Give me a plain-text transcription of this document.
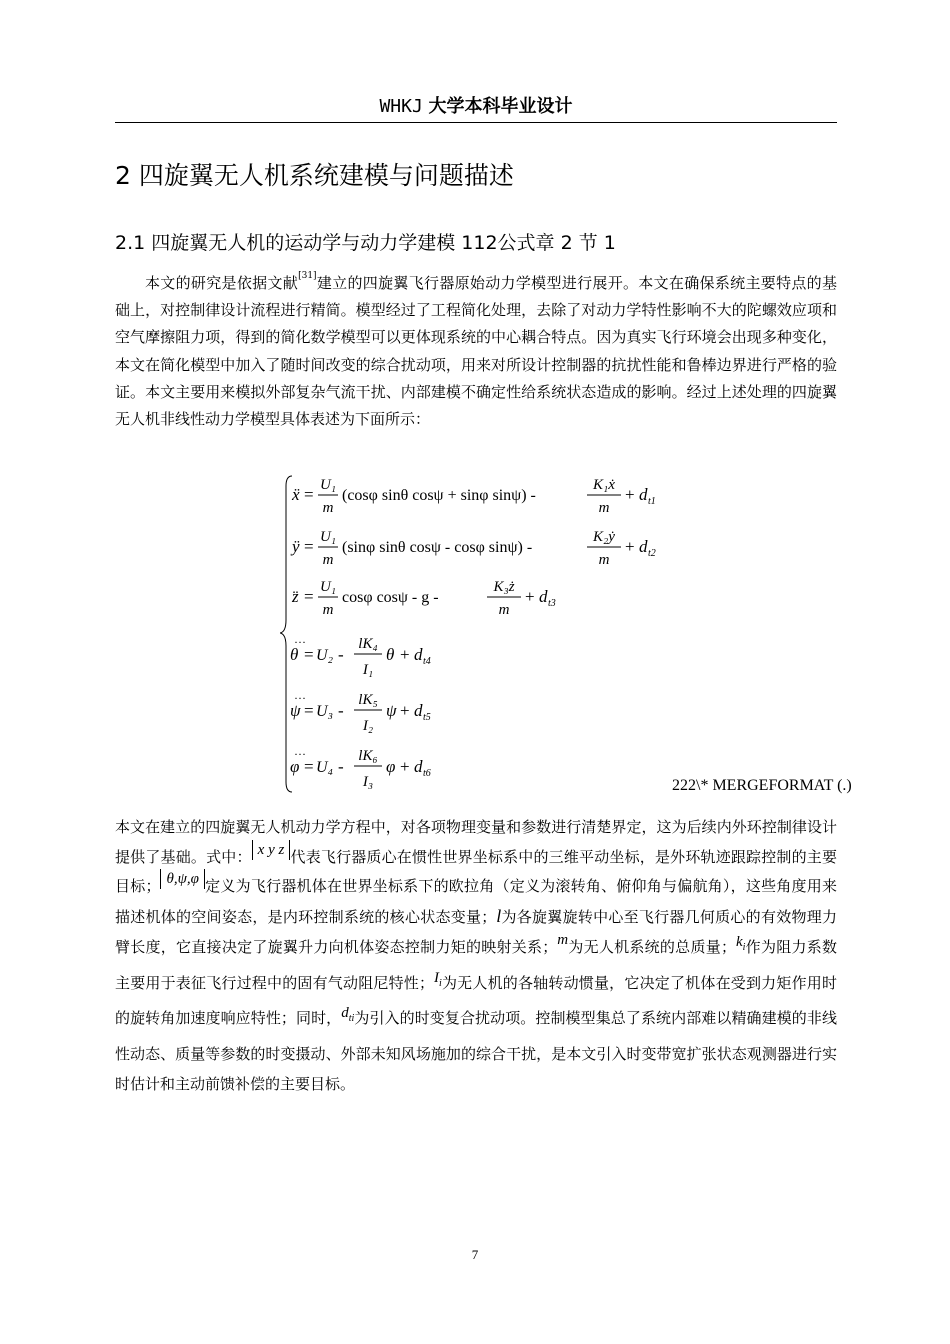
WHKJ 大学本科毕业设计
2 四旋翼无人机系统建模与问题描述
2.1 四旋翼无人机的运动学与动力学建模 112公式章 2 节 1
本文的研究是依据文献[31]建立的四旋翼飞行器原始动力学模型进行展开。本文在确保系统主要特点的基础上，对控制律设计流程进行精简。模型经过了工程简化处理，去除了对动力学特性影响不大的陀螺效应项和空气摩擦阻力项，得到的简化数学模型可以更体现系统的中心耦合特点。因为真实飞行环境会出现多种变化，本文在简化模型中加入了随时间改变的综合扰动项，用来对所设计控制器的抗扰性能和鲁棒边界进行严格的验证。本文主要用来模拟外部复杂气流干扰、内部建模不确定性给系统状态造成的影响。经过上述处理的四旋翼无人机非线性动力学模型具体表述为下面所示：
ẍ = U₁
m
(cosφ sinθ cosψ + sinφ sinψ) -
K₁ẋ
m
+ d t1
ÿ = U₁
m
(sinφ sinθ cosψ - cosφ sinψ) -
K₂ẏ
m
+ d t2
z̈ = U₁
m
cosφ cosψ - g -
K₃ż
m
+ d t3
θ
···
= U₂ -
lK₄
I₁
θ + d t4
ψ
···
= U₃ -
lK₅
I₂
ψ + d t5
φ
···
= U₄ -
lK₆
I₃
φ + d t6
222\* MERGEFORMAT (.)
本文在建立的四旋翼无人机动力学方程中，对各项物理变量和参数进行清楚界定，这为后续内外环控制律设计提供了基础。式中： x y z 代表飞行器质心在惯性世界坐标系中的三维平动坐标，是外环轨迹跟踪控制的主要目标； θ,ψ,φ 定义为飞行器机体在世界坐标系下的欧拉角（定义为滚转角、俯仰角与偏航角），这些角度用来描述机体的空间姿态，是内环控制系统的核心状态变量；l为各旋翼旋转中心至飞行器几何质心的有效物理力臂长度，它直接决定了旋翼升力向机体姿态控制力矩的映射关系；m为无人机系统的总质量；$k_i$作为阻力系数主要用于表征飞行过程中的固有气动阻尼特性；$I_i$为无人机的各轴转动惯量，它决定了机体在受到力矩作用时的旋转角加速度响应特性；同时，$d_{ti}$为引入的时变复合扰动项。控制模型集总了系统内部难以精确建模的非线性动态、质量等参数的时变摄动、外部未知风场施加的综合干扰，是本文引入时变带宽扩张状态观测器进行实时估计和主动前馈补偿的主要目标。
7
